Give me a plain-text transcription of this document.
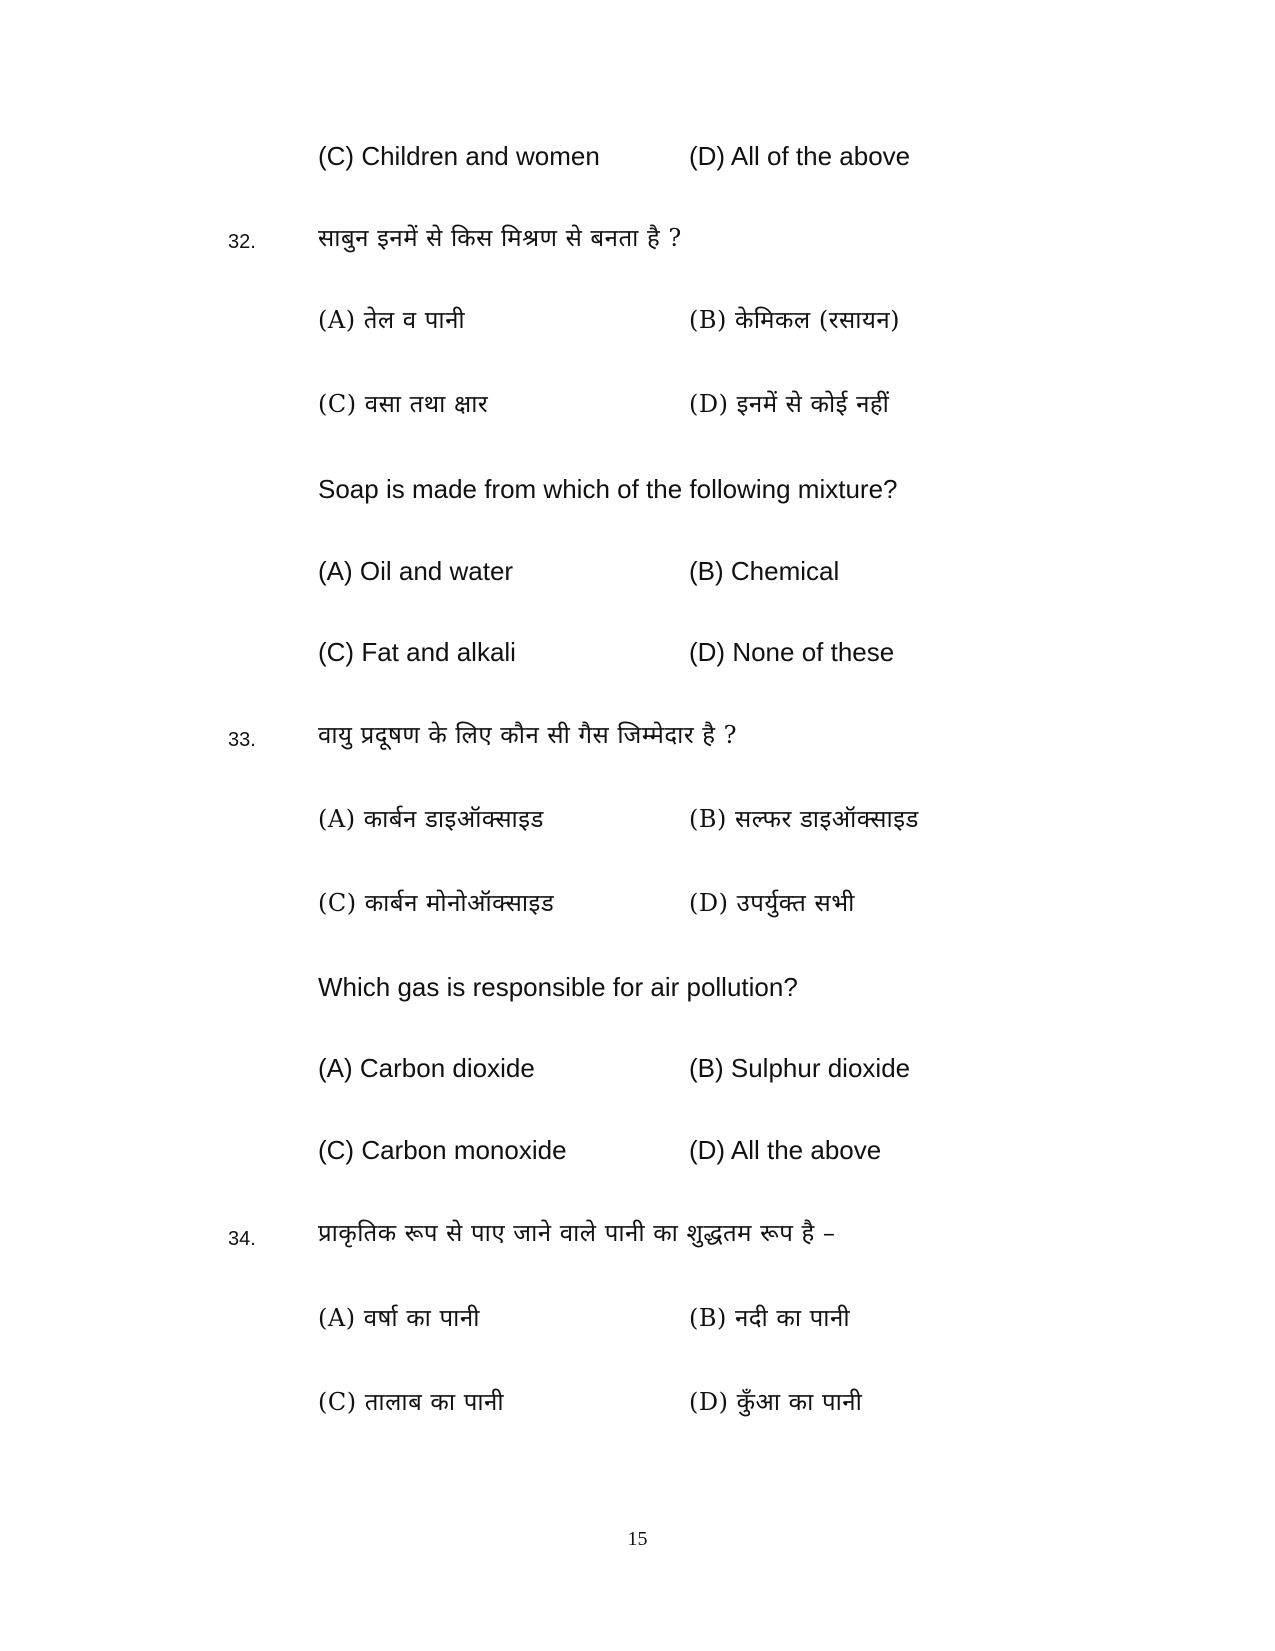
(C) Children and women	(D) All of the above
32.	साबुन इनमें से किस मिश्रण से बनता है ?
(A) तेल व पानी	(B) केमिकल (रसायन)
(C) वसा तथा क्षार	(D) इनमें से कोई नहीं
Soap is made from which of the following mixture?
(A) Oil and water	(B) Chemical
(C) Fat and alkali	(D) None of these
33.	वायु प्रदूषण के लिए कौन सी गैस जिम्मेदार है ?
(A) कार्बन डाइऑक्साइड	(B) सल्फर डाइऑक्साइड
(C) कार्बन मोनोऑक्साइड	(D) उपर्युक्त सभी
Which gas is responsible for air pollution?
(A) Carbon dioxide	(B) Sulphur dioxide
(C) Carbon monoxide	(D) All the above
34.	प्राकृतिक रूप से पाए जाने वाले पानी का शुद्धतम रूप है –
(A) वर्षा का पानी	(B) नदी का पानी
(C) तालाब का पानी	(D) कुँआ का पानी
15
